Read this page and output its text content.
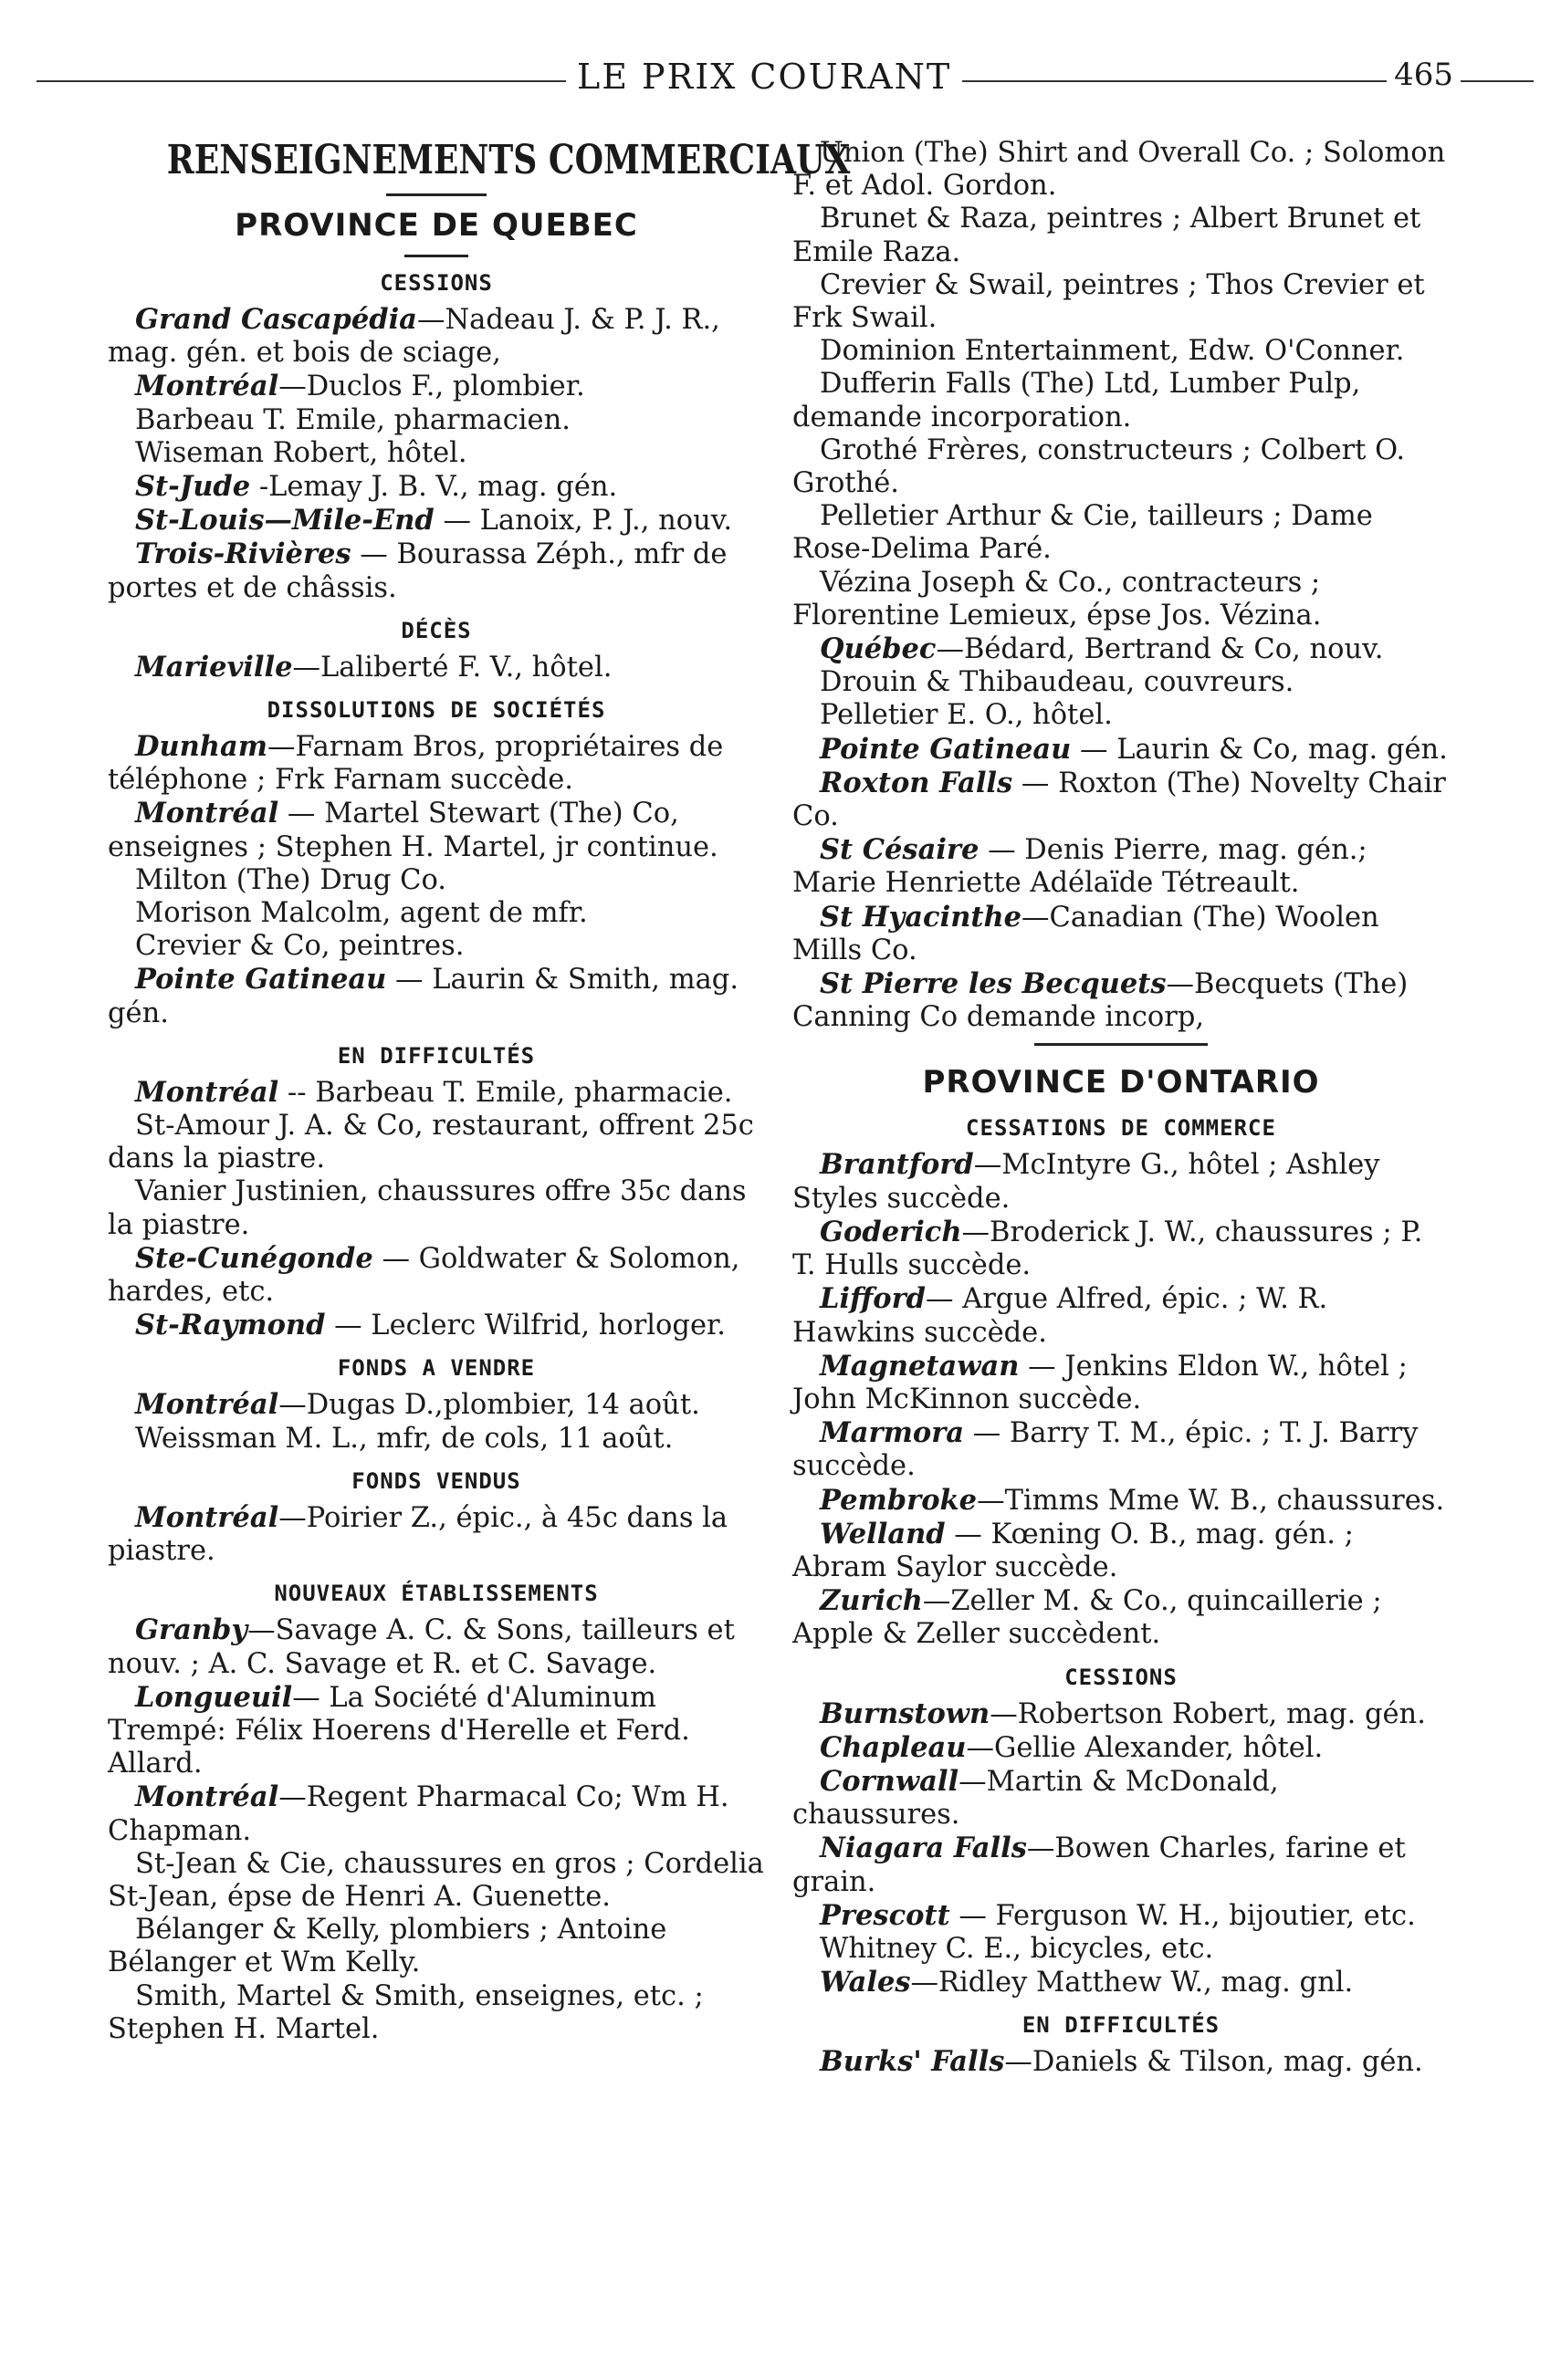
LE PRIX COURANT	465
RENSEIGNEMENTS COMMERCIAUX
PROVINCE DE QUEBEC
CESSIONS

Grand Cascapédia—Nadeau J. & P. J. R., mag. gén. et bois de sciage,

Montréal—Duclos F., plombier.

Barbeau T. Emile, pharmacien.

Wiseman Robert, hôtel.

St-Jude -Lemay J. B. V., mag. gén.

St-Louis—Mile-End — Lanoix, P. J., nouv.

Trois-Rivières — Bourassa Zéph., mfr de portes et de châssis.

DÉCÈS

Marieville—Laliberté F. V., hôtel.

DISSOLUTIONS DE SOCIÉTÉS

Dunham—Farnam Bros, propriétaires de téléphone ; Frk Farnam succède.

Montréal — Martel Stewart (The) Co, enseignes ; Stephen H. Martel, jr continue.

Milton (The) Drug Co.

Morison Malcolm, agent de mfr.

Crevier & Co, peintres.

Pointe Gatineau — Laurin & Smith, mag. gén.

EN DIFFICULTÉS

Montréal -- Barbeau T. Emile, pharmacie.

St-Amour J. A. & Co, restaurant, offrent 25c dans la piastre.

Vanier Justinien, chaussures offre 35c dans la piastre.

Ste-Cunégonde — Goldwater & Solomon, hardes, etc.

St-Raymond — Leclerc Wilfrid, horloger.

FONDS A VENDRE

Montréal—Dugas D.,plombier, 14 août.

Weissman M. L., mfr, de cols, 11 août.

FONDS VENDUS

Montréal—Poirier Z., épic., à 45c dans la piastre.

NOUVEAUX ÉTABLISSEMENTS

Granby—Savage A. C. & Sons, tailleurs et nouv. ; A. C. Savage et R. et C. Savage.

Longueuil— La Société d'Aluminum Trempé: Félix Hoerens d'Herelle et Ferd. Allard.

Montréal—Regent Pharmacal Co; Wm H. Chapman.

St-Jean & Cie, chaussures en gros ; Cordelia St-Jean, épse de Henri A. Guenette.

Bélanger & Kelly, plombiers ; Antoine Bélanger et Wm Kelly.

Smith, Martel & Smith, enseignes, etc. ; Stephen H. Martel.

Union (The) Shirt and Overall Co. ; Solomon F. et Adol. Gordon.

Brunet & Raza, peintres ; Albert Brunet et Emile Raza.

Crevier & Swail, peintres ; Thos Crevier et Frk Swail.

Dominion Entertainment, Edw. O'Conner.

Dufferin Falls (The) Ltd, Lumber Pulp, demande incorporation.

Grothé Frères, constructeurs ; Colbert O. Grothé.

Pelletier Arthur & Cie, tailleurs ; Dame Rose-Delima Paré.

Vézina Joseph & Co., contracteurs ; Florentine Lemieux, épse Jos. Vézina.

Québec—Bédard, Bertrand & Co, nouv.

Drouin & Thibaudeau, couvreurs.

Pelletier E. O., hôtel.

Pointe Gatineau — Laurin & Co, mag. gén.

Roxton Falls — Roxton (The) Novelty Chair Co.

St Césaire — Denis Pierre, mag. gén.; Marie Henriette Adélaïde Tétreault.

St Hyacinthe—Canadian (The) Woolen Mills Co.

St Pierre les Becquets—Becquets (The) Canning Co demande incorp,

PROVINCE D'ONTARIO
CESSATIONS DE COMMERCE

Brantford—McIntyre G., hôtel ; Ashley Styles succède.

Goderich—Broderick J. W., chaussures ; P. T. Hulls succède.

Lifford— Argue Alfred, épic. ; W. R. Hawkins succède.

Magnetawan — Jenkins Eldon W., hôtel ; John McKinnon succède.

Marmora — Barry T. M., épic. ; T. J. Barry succède.

Pembroke—Timms Mme W. B., chaussures.

Welland — Kœning O. B., mag. gén. ; Abram Saylor succède.

Zurich—Zeller M. & Co., quincaillerie ; Apple & Zeller succèdent.

CESSIONS

Burnstown—Robertson Robert, mag. gén.

Chapleau—Gellie Alexander, hôtel.

Cornwall—Martin & McDonald, chaussures.

Niagara Falls—Bowen Charles, farine et grain.

Prescott — Ferguson W. H., bijoutier, etc.

Whitney C. E., bicycles, etc.

Wales—Ridley Matthew W., mag. gnl.

EN DIFFICULTÉS

Burks' Falls—Daniels & Tilson, mag. gén.
